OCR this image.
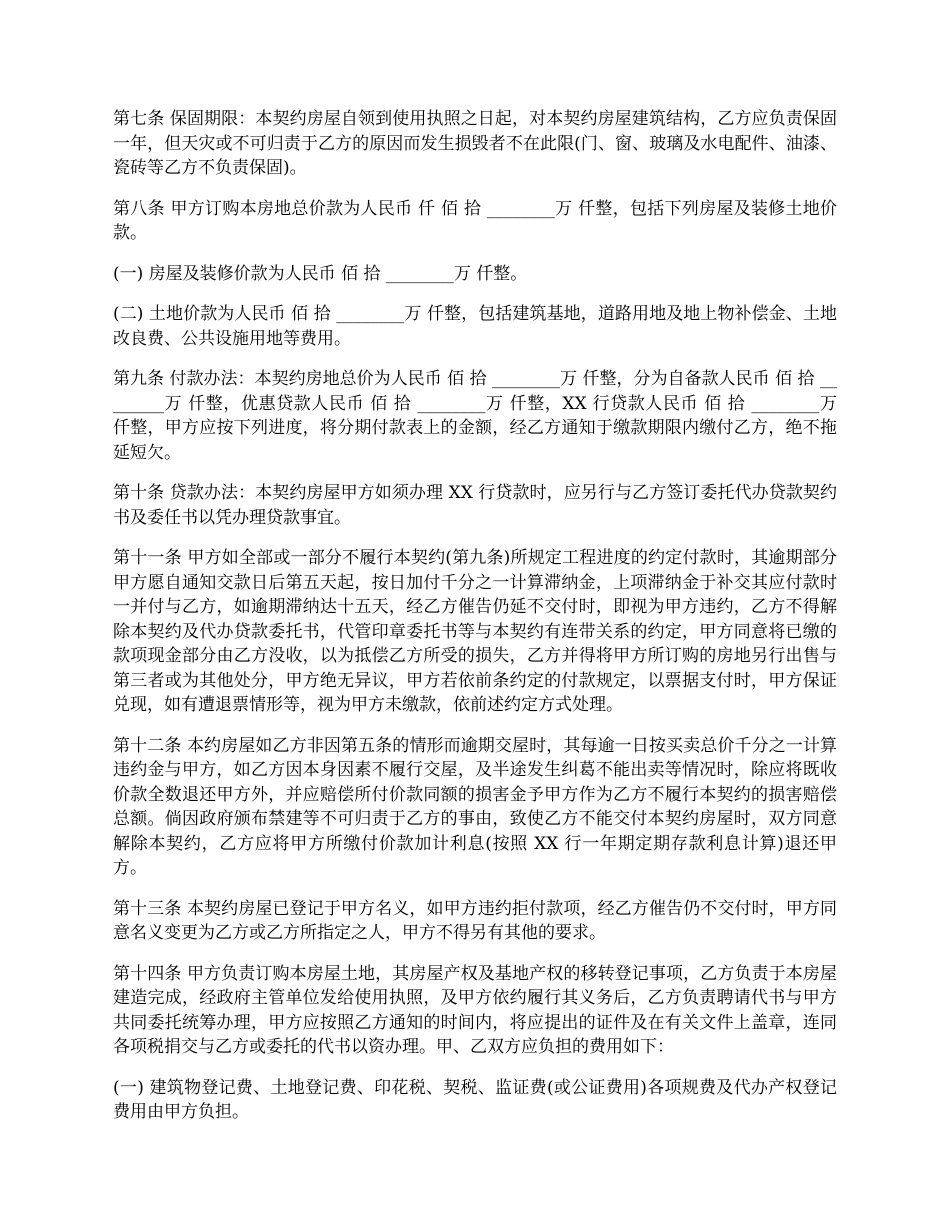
第七条 保固期限：本契约房屋自领到使用执照之日起，对本契约房屋建筑结构，乙方应负责保固一年，但天灾或不可归责于乙方的原因而发生损毁者不在此限(门、窗、玻璃及水电配件、油漆、瓷砖等乙方不负责保固)。

第八条 甲方订购本房地总价款为人民币 仟 佰 拾 ________万 仟整，包括下列房屋及装修土地价款。

(一) 房屋及装修价款为人民币 佰 拾 ________万 仟整。

(二) 土地价款为人民币 佰 拾 ________万 仟整，包括建筑基地，道路用地及地上物补偿金、土地改良费、公共设施用地等费用。

第九条 付款办法：本契约房地总价为人民币 佰 拾 ________万 仟整，分为自备款人民币 佰 拾 ________万 仟整，优惠贷款人民币 佰 拾 ________万 仟整，XX 行贷款人民币 佰 拾 ________万 仟整，甲方应按下列进度，将分期付款表上的金额，经乙方通知于缴款期限内缴付乙方，绝不拖延短欠。

第十条 贷款办法：本契约房屋甲方如须办理 XX 行贷款时，应另行与乙方签订委托代办贷款契约书及委任书以凭办理贷款事宜。

第十一条 甲方如全部或一部分不履行本契约(第九条)所规定工程进度的约定付款时，其逾期部分甲方愿自通知交款日后第五天起，按日加付千分之一计算滞纳金，上项滞纳金于补交其应付款时一并付与乙方，如逾期滞纳达十五天，经乙方催告仍延不交付时，即视为甲方违约，乙方不得解除本契约及代办贷款委托书，代管印章委托书等与本契约有连带关系的约定，甲方同意将已缴的款项现金部分由乙方没收，以为抵偿乙方所受的损失，乙方并得将甲方所订购的房地另行出售与第三者或为其他处分，甲方绝无异议，甲方若依前条约定的付款规定，以票据支付时，甲方保证兑现，如有遭退票情形等，视为甲方未缴款，依前述约定方式处理。

第十二条 本约房屋如乙方非因第五条的情形而逾期交屋时，其每逾一日按买卖总价千分之一计算违约金与甲方，如乙方因本身因素不履行交屋，及半途发生纠葛不能出卖等情况时，除应将既收价款全数退还甲方外，并应赔偿所付价款同额的损害金予甲方作为乙方不履行本契约的损害赔偿总额。倘因政府颁布禁建等不可归责于乙方的事由，致使乙方不能交付本契约房屋时，双方同意解除本契约，乙方应将甲方所缴付价款加计利息(按照 XX 行一年期定期存款利息计算)退还甲方。

第十三条 本契约房屋已登记于甲方名义，如甲方违约拒付款项，经乙方催告仍不交付时，甲方同意名义变更为乙方或乙方所指定之人，甲方不得另有其他的要求。

第十四条 甲方负责订购本房屋土地，其房屋产权及基地产权的移转登记事项，乙方负责于本房屋建造完成，经政府主管单位发给使用执照，及甲方依约履行其义务后，乙方负责聘请代书与甲方共同委托统筹办理，甲方应按照乙方通知的时间内，将应提出的证件及在有关文件上盖章，连同各项税捐交与乙方或委托的代书以资办理。甲、乙双方应负担的费用如下：

(一) 建筑物登记费、土地登记费、印花税、契税、监证费(或公证费用)各项规费及代办产权登记费用由甲方负担。
